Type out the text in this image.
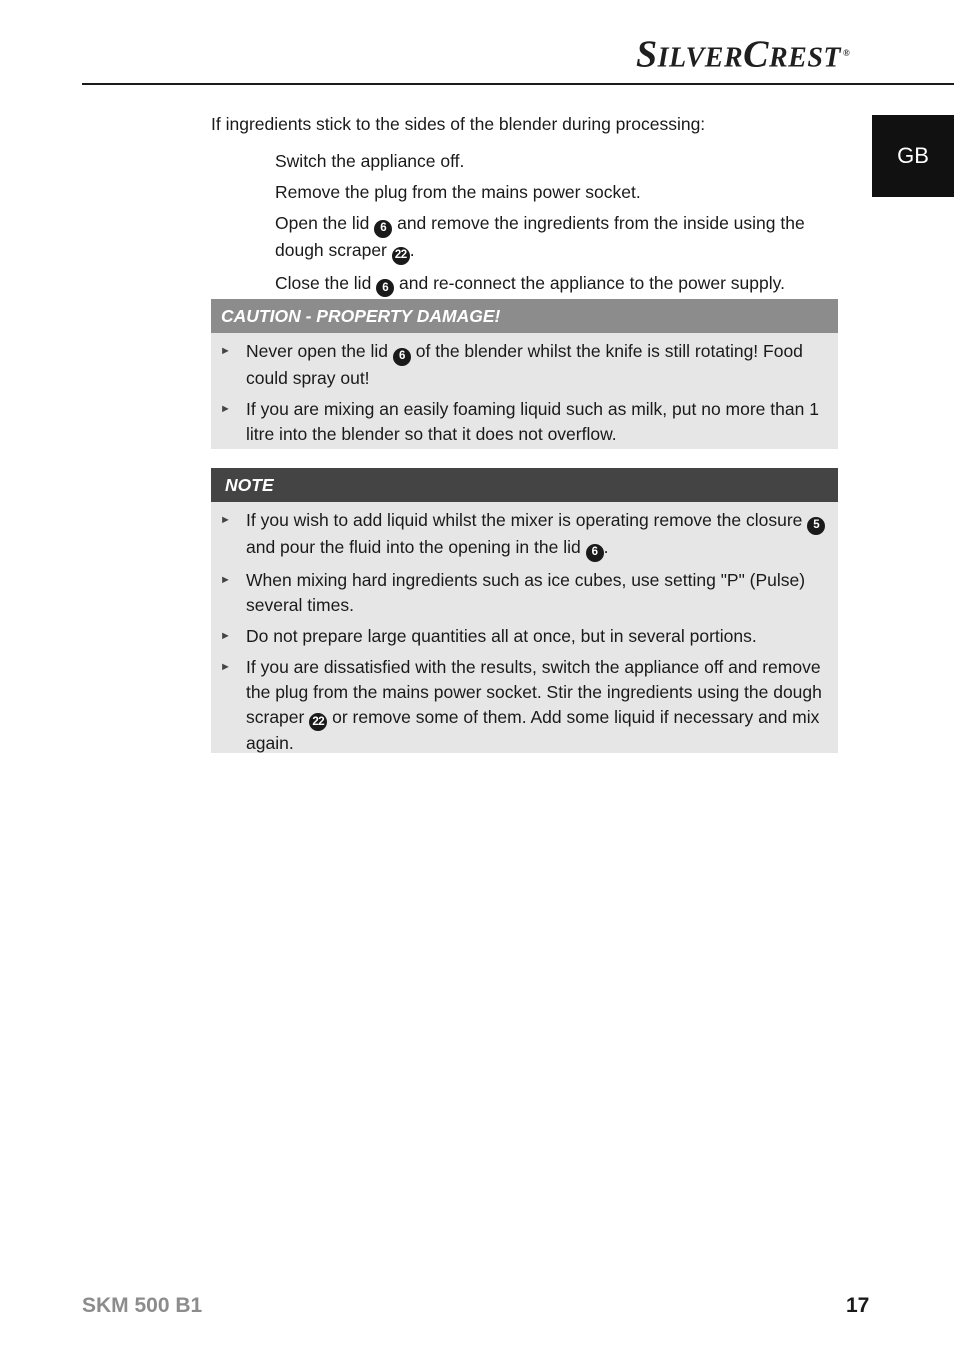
SILVERCREST ®
GB

If ingredients stick to the sides of the blender during processing:

Switch the appliance off.
Remove the plug from the mains power socket.
Open the lid 6 and remove the ingredients from the inside using the dough scraper 22 .
Close the lid 6 and re-connect the appliance to the power supply.
CAUTION - PROPERTY DAMAGE!
► Never open the lid 6 of the blender whilst the knife is still rotating! Food could spray out!
► If you are mixing an easily foaming liquid such as milk, put no more than 1 litre into the blender so that it does not overflow.
NOTE
► If you wish to add liquid whilst the mixer is operating remove the closure 5 and pour the fluid into the opening in the lid 6 .
► When mixing hard ingredients such as ice cubes, use setting "P" (Pulse) several times.
► Do not prepare large quantities all at once, but in several portions.
► If you are dissatisfied with the results, switch the appliance off and remove the plug from the mains power socket. Stir the ingredients using the dough scraper 22 or remove some of them. Add some liquid if necessary and mix again.
SKM 500 B1	17
